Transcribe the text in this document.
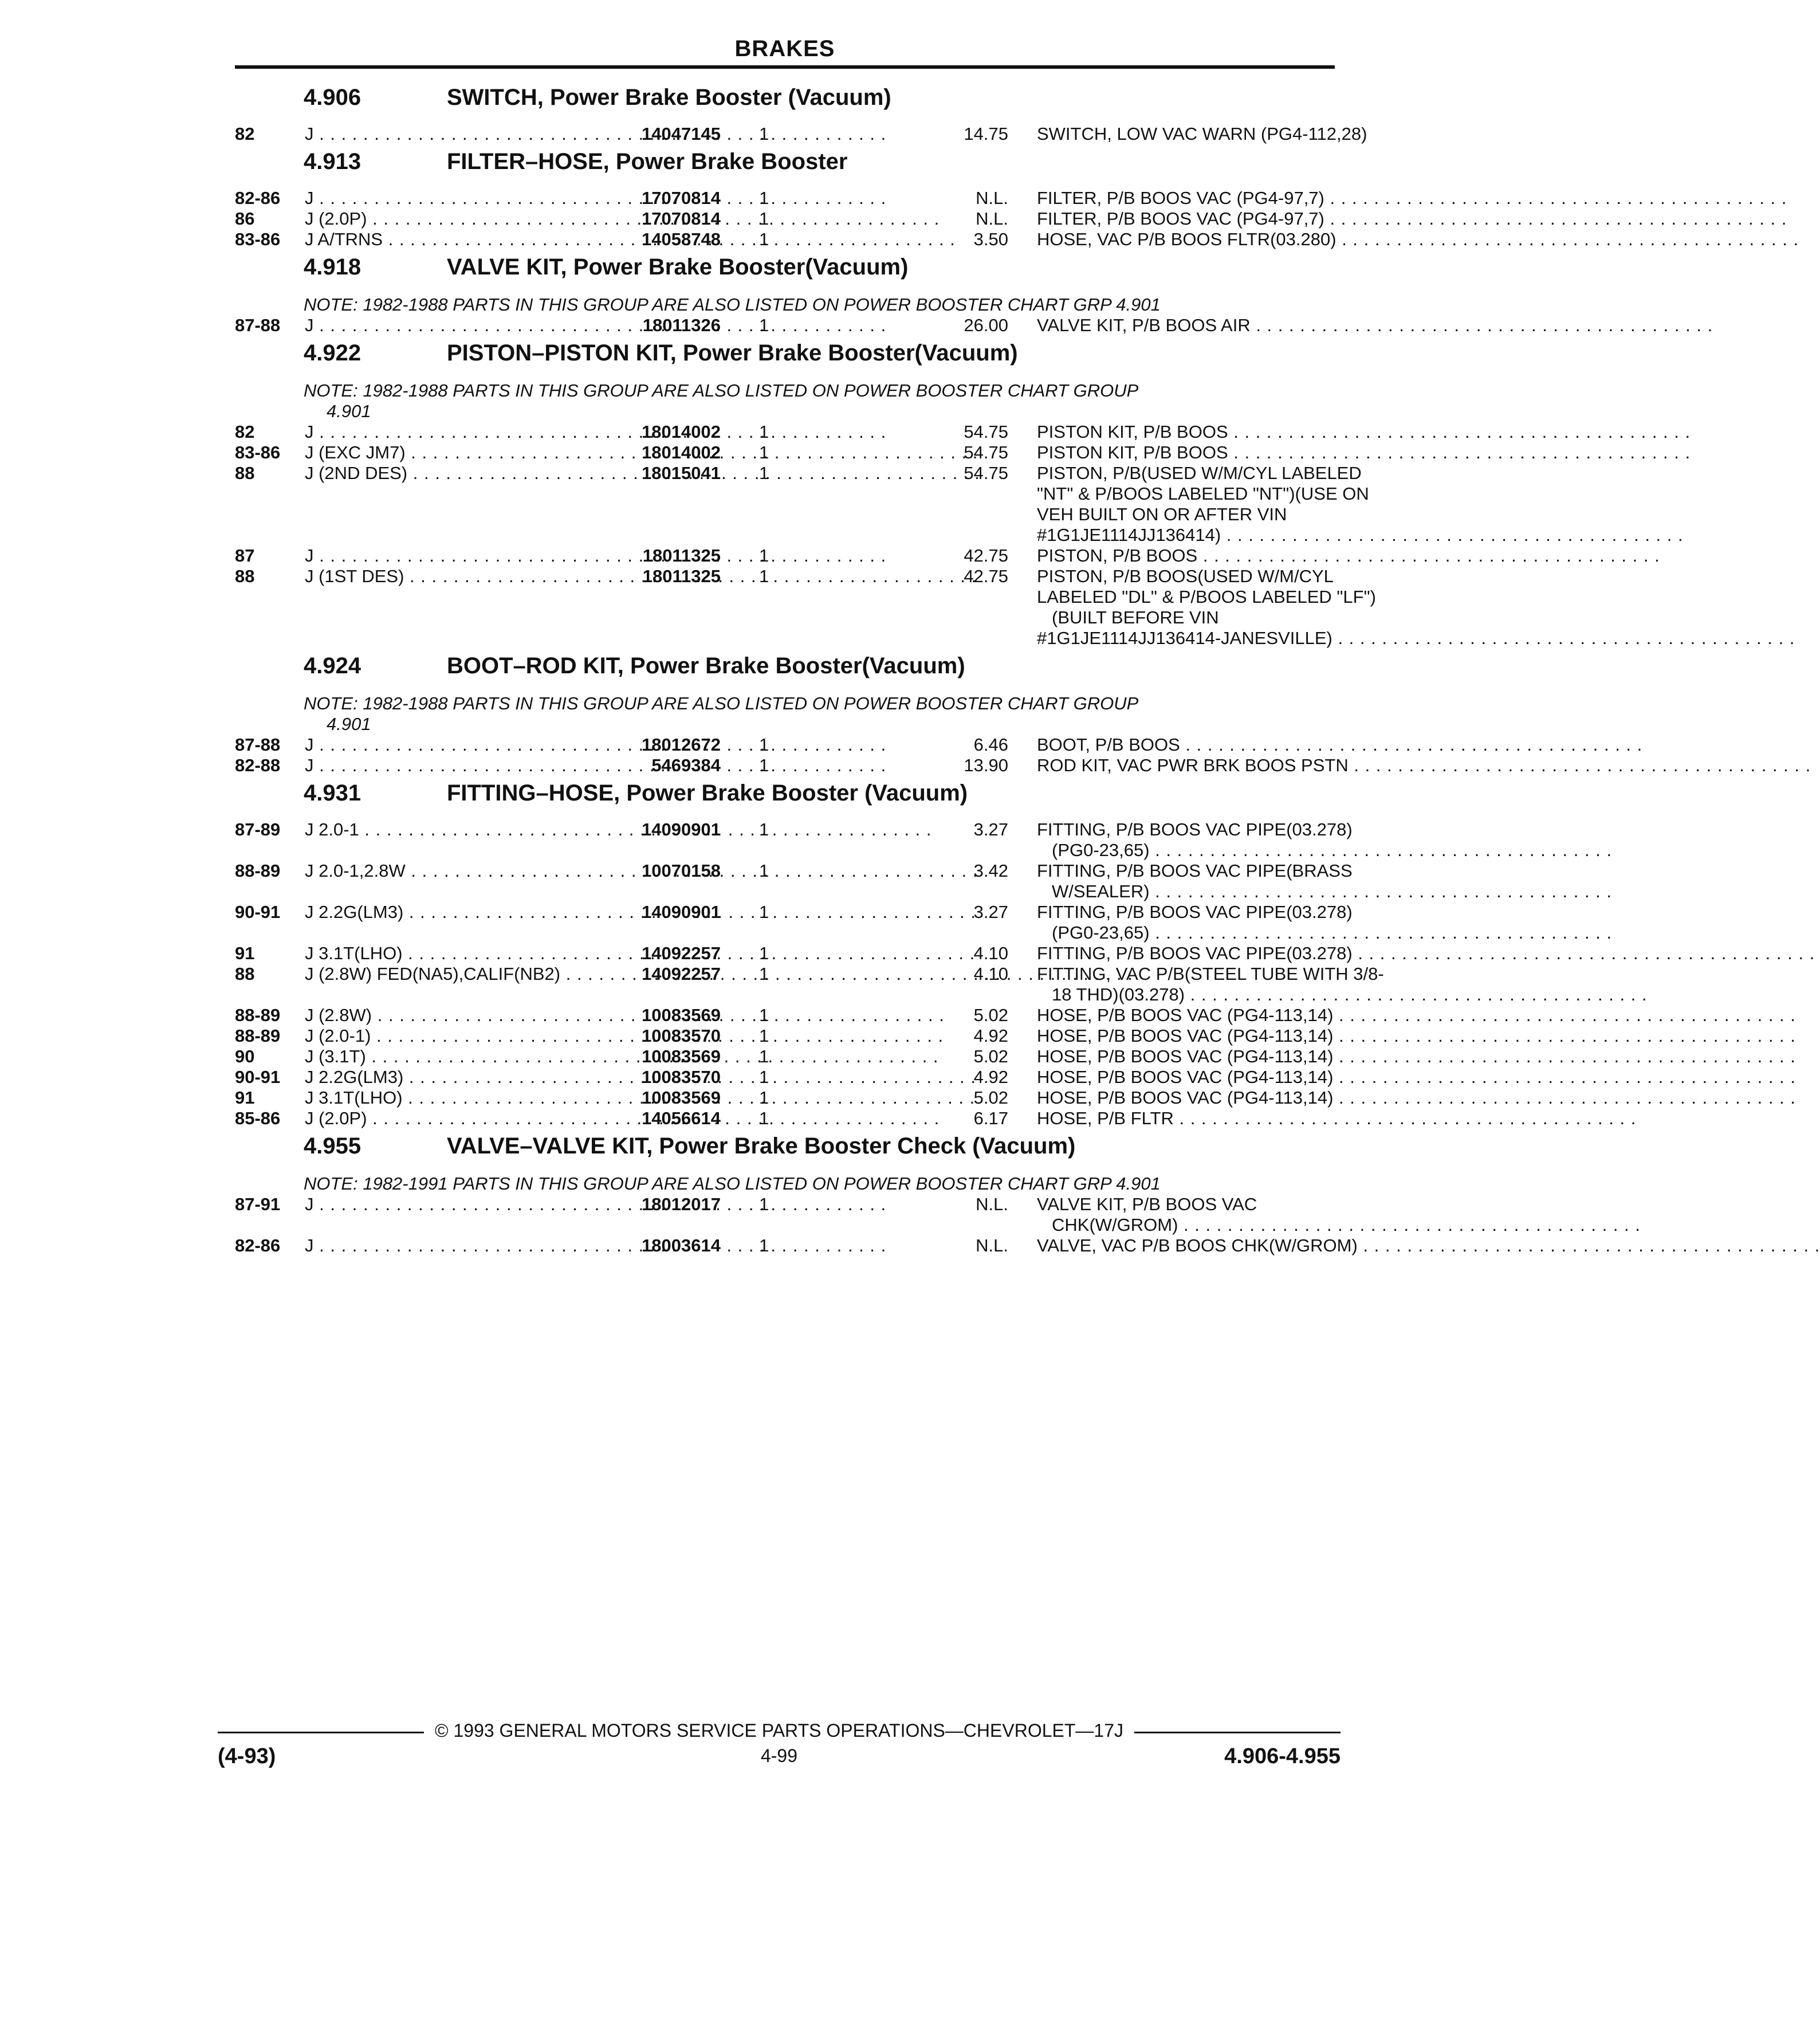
BRAKES
4.906	SWITCH, Power Brake Booster (Vacuum)
82	J . . .	14047145 1	14.75 SWITCH, LOW VAC WARN (PG4-112,28)
4.913	FILTER–HOSE, Power Brake Booster
82-86 J . . .	17070814 1	N.L. FILTER, P/B BOOS VAC (PG4-97,7) . . .
86	J (2.0P) . . .	17070814 1	N.L. FILTER, P/B BOOS VAC (PG4-97,7) . . .
83-86 J A/TRNS . . .	14058748 1	3.50 HOSE, VAC P/B BOOS FLTR(03.280) . . .
4.918	VALVE KIT, Power Brake Booster(Vacuum)
NOTE: 1982-1988 PARTS IN THIS GROUP ARE ALSO LISTED ON POWER BOOSTER CHART GRP 4.901
87-88 J . . .	18011326 1	26.00 VALVE KIT, P/B BOOS AIR . . .
4.922	PISTON–PISTON KIT, Power Brake Booster(Vacuum)
NOTE: 1982-1988 PARTS IN THIS GROUP ARE ALSO LISTED ON POWER BOOSTER CHART GROUP
4.901
82	J . . .	18014002 1	54.75 PISTON KIT, P/B BOOS . . .
83-86 J (EXC JM7) . . .	18014002 1	54.75 PISTON KIT, P/B BOOS . . .
88	J (2ND DES) . . .	18015041 1	54.75 PISTON, P/B(USED W/M/CYL LABELED
"NT" & P/BOOS LABELED "NT")(USE ON
VEH BUILT ON OR AFTER VIN
#1G1JE1114JJ136414) . . .
87	J . . .	18011325 1	42.75 PISTON, P/B BOOS . . .
88	J (1ST DES) . . .	18011325 1	42.75 PISTON, P/B BOOS(USED W/M/CYL
LABELED "DL" & P/BOOS LABELED "LF")
(BUILT BEFORE VIN
#1G1JE1114JJ136414-JANESVILLE) . . .
4.924	BOOT–ROD KIT, Power Brake Booster(Vacuum)
NOTE: 1982-1988 PARTS IN THIS GROUP ARE ALSO LISTED ON POWER BOOSTER CHART GROUP
4.901
87-88 J . . .	18012672 1	6.46 BOOT, P/B BOOS . . .
82-88 J . . .	5469384 1	13.90 ROD KIT, VAC PWR BRK BOOS PSTN . . .
4.931	FITTING–HOSE, Power Brake Booster (Vacuum)
87-89 J 2.0-1 . . .	14090901 1	3.27 FITTING, P/B BOOS VAC PIPE(03.278)
(PG0-23,65) . . .
88-89 J 2.0-1,2.8W . . .	10070158 1	3.42 FITTING, P/B BOOS VAC PIPE(BRASS
W/SEALER) . . .
90-91 J 2.2G(LM3) . . .	14090901 1	3.27 FITTING, P/B BOOS VAC PIPE(03.278)
(PG0-23,65) . . .
91	J 3.1T(LHO) . . .	14092257 1	4.10 FITTING, P/B BOOS VAC PIPE(03.278) . . .
88	J (2.8W) FED(NA5),CALIF(NB2) . . .	14092257 1	4.10 FITTING, VAC P/B(STEEL TUBE WITH 3/8-
18 THD)(03.278) . . .
88-89 J (2.8W) . . .	10083569 1	5.02 HOSE, P/B BOOS VAC (PG4-113,14) . . .
88-89 J (2.0-1) . . .	10083570 1	4.92 HOSE, P/B BOOS VAC (PG4-113,14) . . .
90	J (3.1T) . . .	10083569 1	5.02 HOSE, P/B BOOS VAC (PG4-113,14) . . .
90-91 J 2.2G(LM3) . . .	10083570 1	4.92 HOSE, P/B BOOS VAC (PG4-113,14) . . .
91	J 3.1T(LHO) . . .	10083569 1	5.02 HOSE, P/B BOOS VAC (PG4-113,14) . . .
85-86 J (2.0P) . . .	14056614 1	6.17 HOSE, P/B FLTR . . .
4.955	VALVE–VALVE KIT, Power Brake Booster Check (Vacuum)
NOTE: 1982-1991 PARTS IN THIS GROUP ARE ALSO LISTED ON POWER BOOSTER CHART GRP 4.901
87-91 J . . .	18012017 1	N.L. VALVE KIT, P/B BOOS VAC
CHK(W/GROM) . . .
82-86 J . . .	18003614 1	N.L. VALVE, VAC P/B BOOS CHK(W/GROM) . . .
© 1993 GENERAL MOTORS SERVICE PARTS OPERATIONS—CHEVROLET—17J
(4-93)	4-99	4.906-4.955
